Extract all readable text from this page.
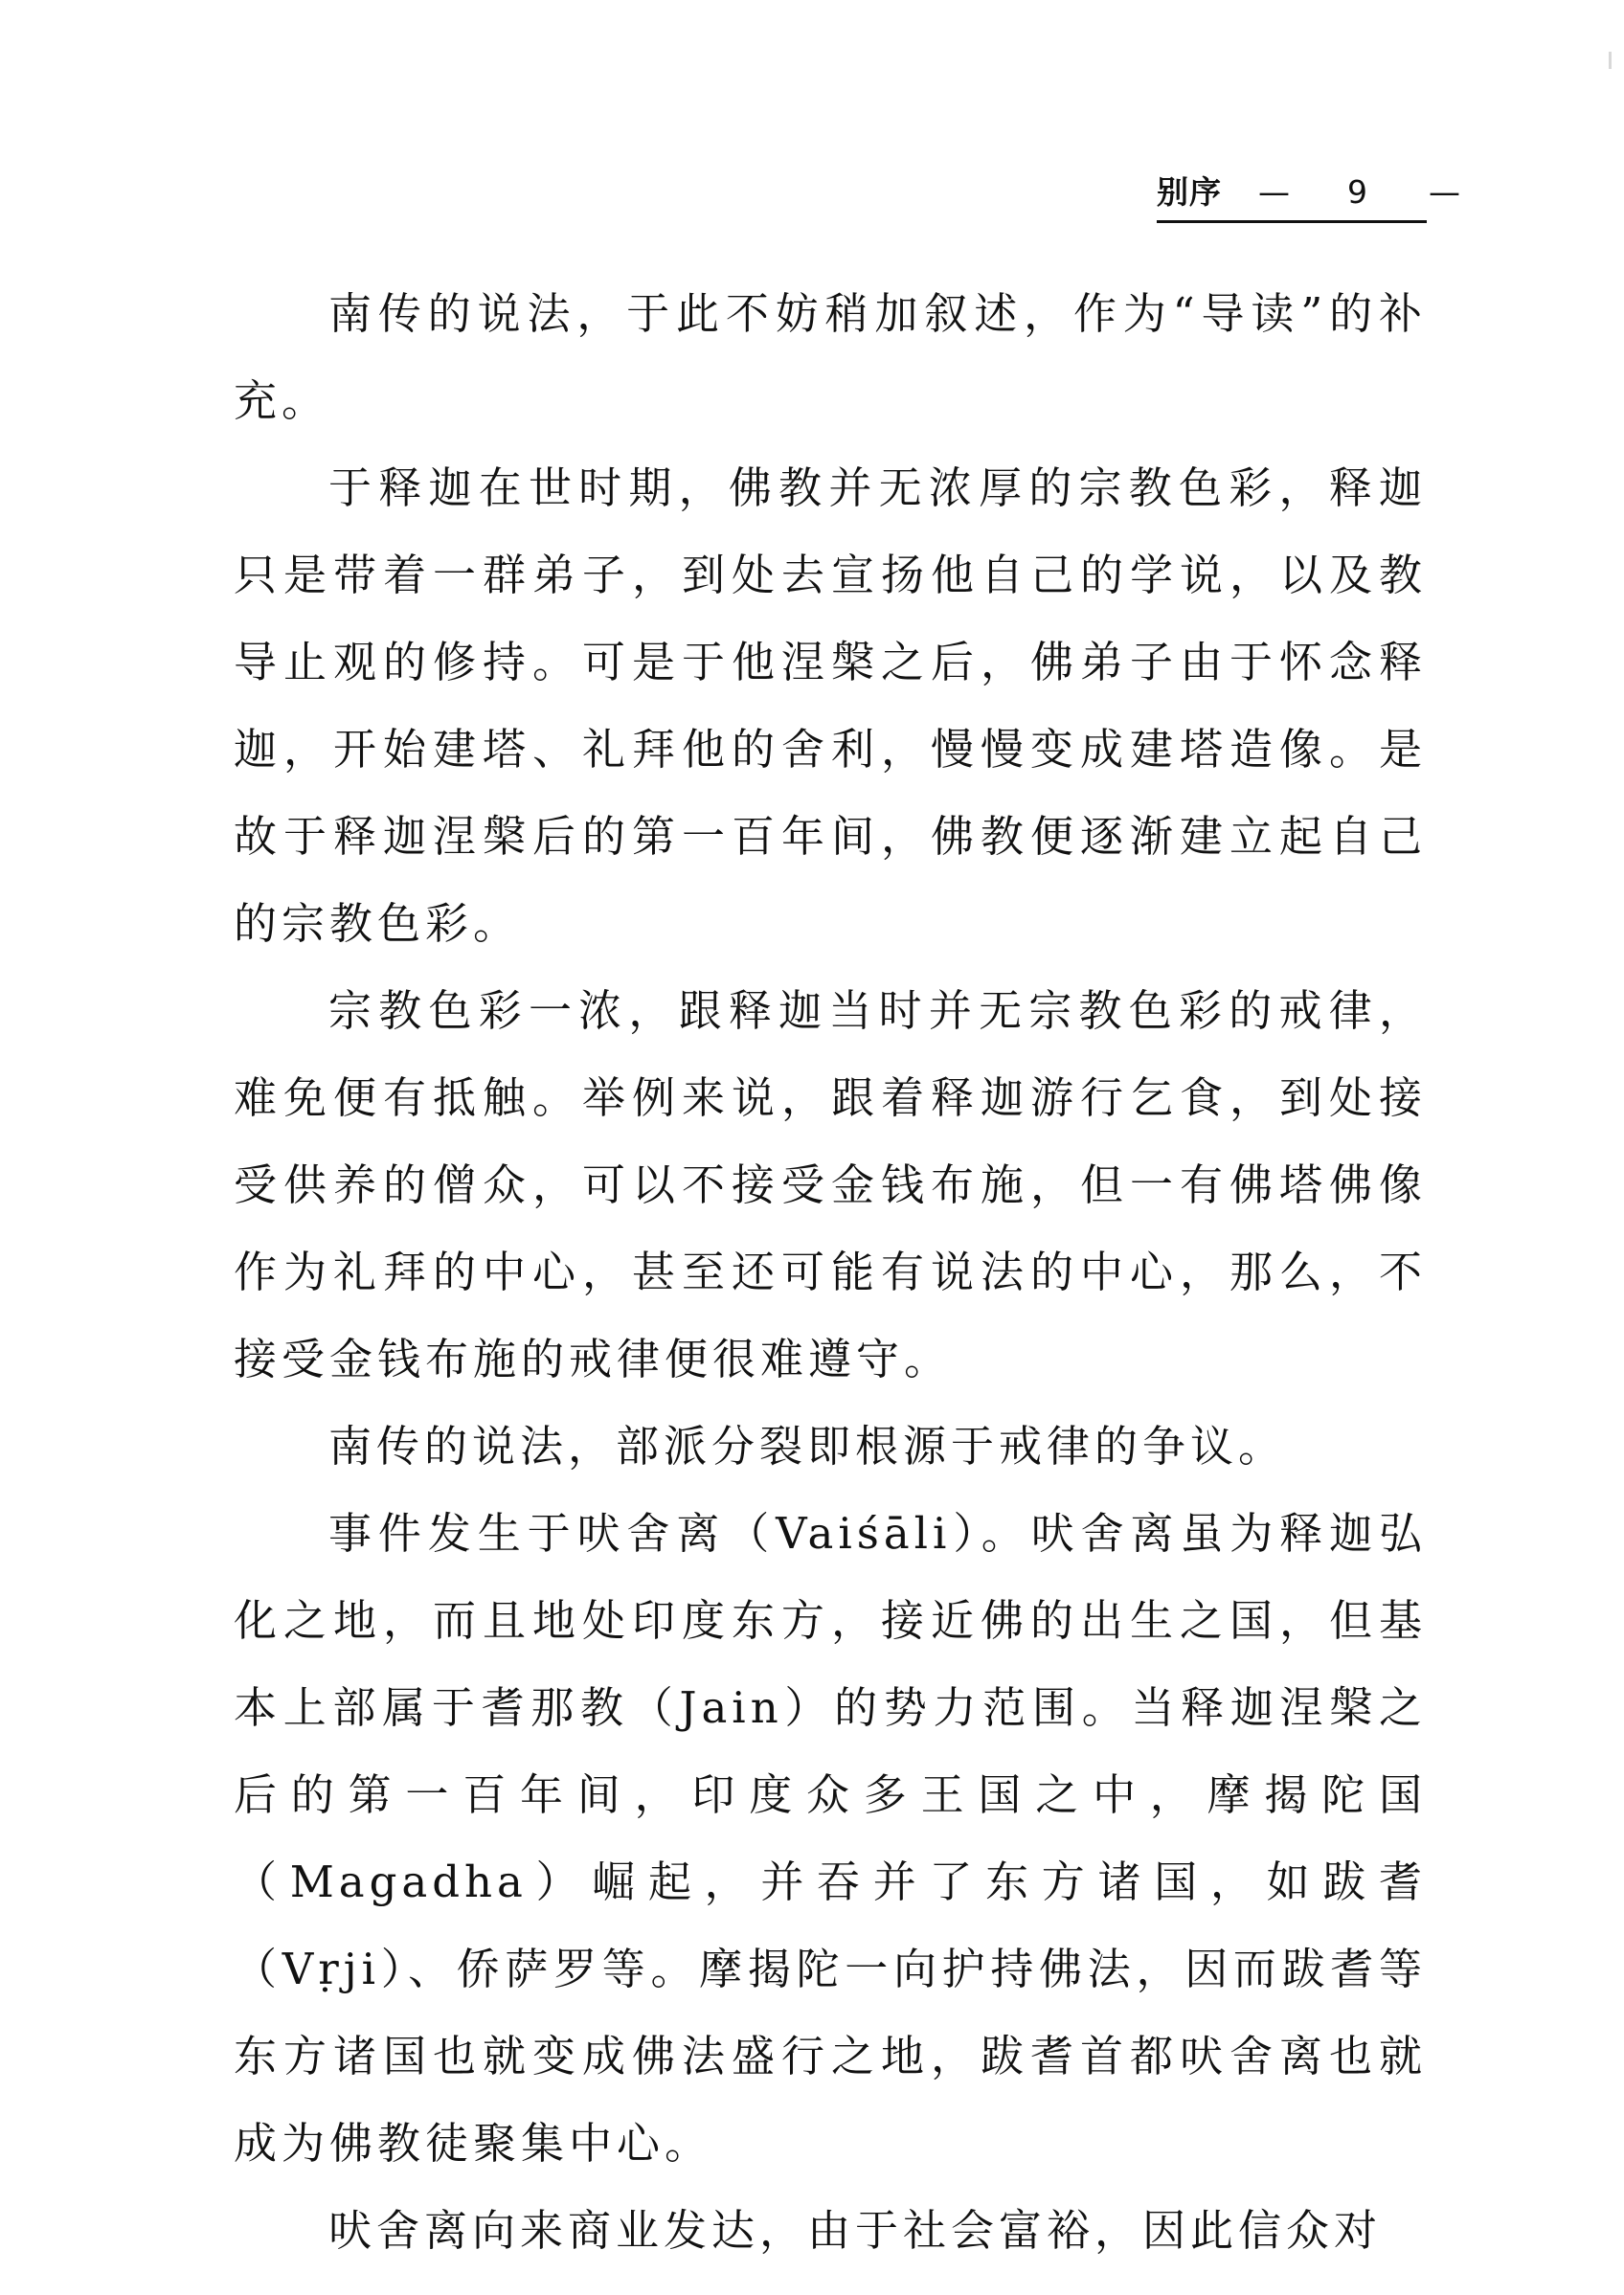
别序 — 9 —

南传的说法，于此不妨稍加叙述，作为“导读”的补充。

于释迦在世时期，佛教并无浓厚的宗教色彩，释迦只是带着一群弟子，到处去宣扬他自己的学说，以及教导止观的修持。可是于他涅槃之后，佛弟子由于怀念释迦，开始建塔、礼拜他的舍利，慢慢变成建塔造像。是故于释迦涅槃后的第一百年间，佛教便逐渐建立起自己的宗教色彩。

宗教色彩一浓，跟释迦当时并无宗教色彩的戒律，难免便有抵触。举例来说，跟着释迦游行乞食，到处接受供养的僧众，可以不接受金钱布施，但一有佛塔佛像作为礼拜的中心，甚至还可能有说法的中心，那么，不接受金钱布施的戒律便很难遵守。

南传的说法，部派分裂即根源于戒律的争议。

事件发生于吠舍离（Vaiśāli）。吠舍离虽为释迦弘化之地，而且地处印度东方，接近佛的出生之国，但基本上部属于耆那教（Jain）的势力范围。当释迦涅槃之后的第一百年间，印度众多王国之中，摩揭陀国（Magadha）崛起，并吞并了东方诸国，如跋耆（Vṛji）、侨萨罗等。摩揭陀一向护持佛法，因而跋耆等东方诸国也就变成佛法盛行之地，跋耆首都吠舍离也就成为佛教徒聚集中心。

吠舍离向来商业发达，由于社会富裕，因此信众对
